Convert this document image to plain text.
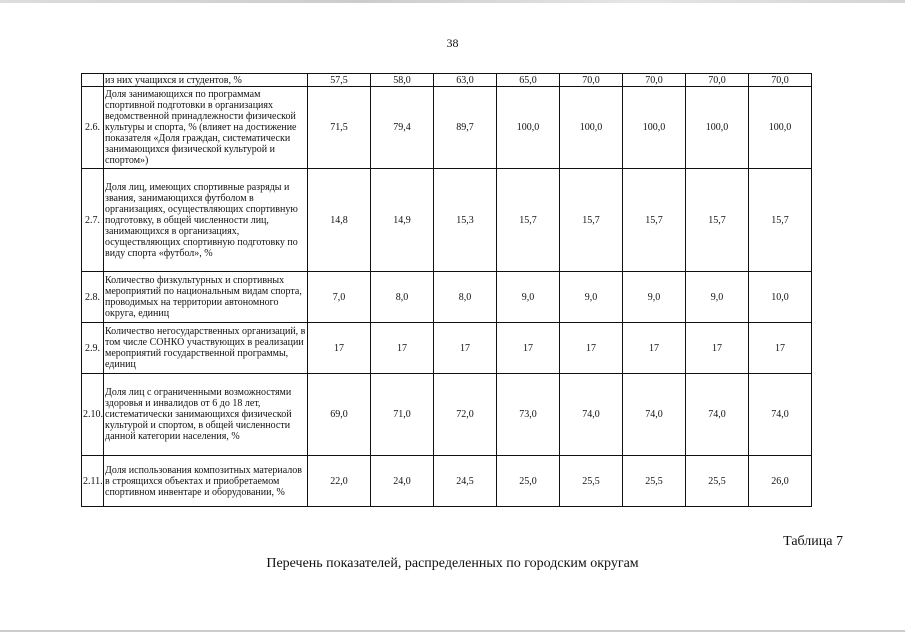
38
	из них учащихся и студентов, %	57,5	58,0	63,0	65,0	70,0	70,0	70,0	70,0
2.6.	Доля занимающихся по программам спортивной подготовки в организациях ведомственной принадлежности физической культуры и спорта, % (влияет на достижение показателя «Доля граждан, систематически занимающихся физической культурой и спортом»)	71,5	79,4	89,7	100,0	100,0	100,0	100,0	100,0
2.7.	Доля лиц, имеющих спортивные разряды и звания, занимающихся футболом в организациях, осуществляющих спортивную подготовку, в общей численности лиц, занимающихся в организациях, осуществляющих спортивную подготовку по виду спорта «футбол», %	14,8	14,9	15,3	15,7	15,7	15,7	15,7	15,7
2.8.	Количество физкультурных и спортивных мероприятий по национальным видам спорта, проводимых на территории автономного округа, единиц	7,0	8,0	8,0	9,0	9,0	9,0	9,0	10,0
2.9.	Количество негосударственных организаций, в том числе СОНКО участвующих в реализации мероприятий государственной программы, единиц	17	17	17	17	17	17	17	17
2.10.	Доля лиц с ограниченными возможностями здоровья и инвалидов от 6 до 18 лет, систематически занимающихся физической культурой и спортом, в общей численности данной категории населения, %	69,0	71,0	72,0	73,0	74,0	74,0	74,0	74,0
2.11.	Доля использования композитных материалов в строящихся объектах и приобретаемом спортивном инвентаре и оборудовании, %	22,0	24,0	24,5	25,0	25,5	25,5	25,5	26,0
Таблица 7
Перечень показателей, распределенных по городским округам
